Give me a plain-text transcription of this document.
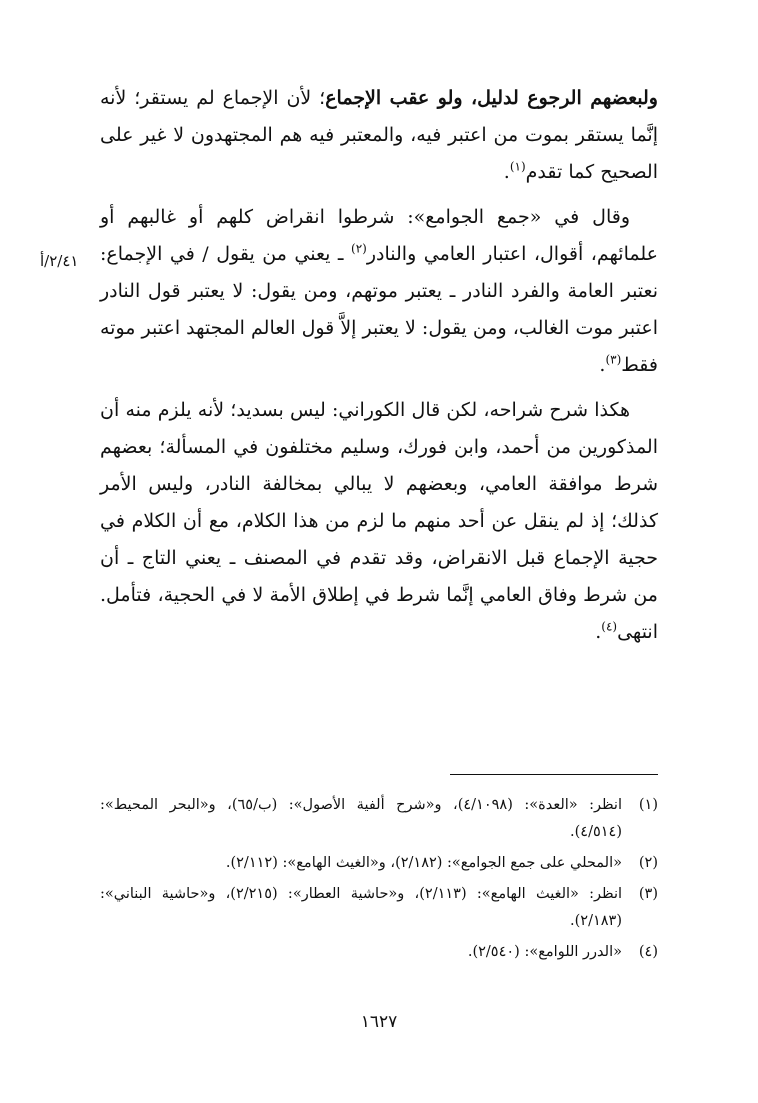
ولبعضهم الرجوع لدليل، ولو عقب الإجماع؛ لأن الإجماع لم يستقر؛ لأنه إنَّما يستقر بموت من اعتبر فيه، والمعتبر فيه هم المجتهدون لا غير على الصحيح كما تقدم$^{(١)}$.

وقال في «جمع الجوامع»: شرطوا انقراض كلهم أو غالبهم أو علمائهم، أقوال، اعتبار العامي والنادر$^{(٢)}$ ـ يعني من يقول / في الإجماع: نعتبر العامة والفرد النادر ـ يعتبر موتهم، ومن يقول: لا يعتبر قول النادر اعتبر موت الغالب، ومن يقول: لا يعتبر إلاَّ قول العالم المجتهد اعتبر موته فقط$^{(٣)}$.

هكذا شرح شراحه، لكن قال الكوراني: ليس بسديد؛ لأنه يلزم منه أن المذكورين من أحمد، وابن فورك، وسليم مختلفون في المسألة؛ بعضهم شرط موافقة العامي، وبعضهم لا يبالي بمخالفة النادر، وليس الأمر كذلك؛ إذ لم ينقل عن أحد منهم ما لزم من هذا الكلام، مع أن الكلام في حجية الإجماع قبل الانقراض، وقد تقدم في المصنف ـ يعني التاج ـ أن من شرط وفاق العامي إنَّما شرط في إطلاق الأمة لا في الحجية، فتأمل. انتهى$^{(٤)}$.

٢/٤١/أ
(١)
انظر: «العدة»: (٤/١٠٩٨)، و«شرح ألفية الأصول»: (ب/٦٥)، و«البحر المحيط»: (٤/٥١٤).
(٢)
«المحلي على جمع الجوامع»: (٢/١٨٢)، و«الغيث الهامع»: (٢/١١٢).
(٣)
انظر: «الغيث الهامع»: (٢/١١٣)، و«حاشية العطار»: (٢/٢١٥)، و«حاشية البناني»: (٢/١٨٣).
(٤)
«الدرر اللوامع»: (٢/٥٤٠).
١٦٢٧
